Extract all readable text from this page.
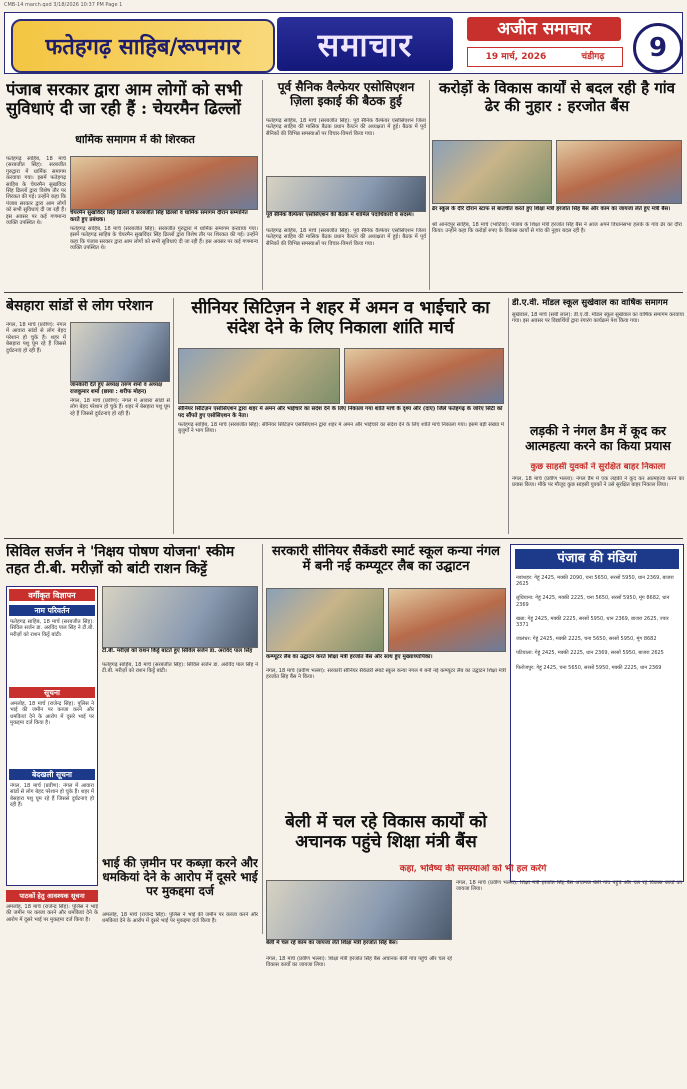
CMB-14 march.qxd 3/18/2026 10:37 PM Page 1
फतेहगढ़ साहिब/रूपनगर समाचार	अजीत समाचार
19 मार्च, 2026	चंडीगढ़	9
पंजाब सरकार द्वारा आम लोगों को सभी सुविधाएं दी जा रही हैं : चेयरमैन ढिल्लों
धार्मिक समागम में की शिरकत
फतेहगढ़ साहिब, 18 मार्च (सरबजीत सिंह): सरबजीत गुरुद्वारा में धार्मिक समागम करवाया गया। इसमें फतेहगढ़ साहिब के चेयरमैन सुखविंदर सिंह ढिल्लों द्वारा विशेष तौर पर शिरकत की गई। उन्होंने कहा कि पंजाब सरकार द्वारा आम लोगों को सभी सुविधाएं दी जा रही हैं। इस अवसर पर कई गणमान्य व्यक्ति उपस्थित थे।
चेयरमैन सुखविंदर सिंह ढिल्लों व सरबजीत सिंह ढिल्लों व धार्मिक समागम दौरान सम्मानित करते हुए प्रबंधक।
फतेहगढ़ साहिब, 18 मार्च (सरबजीत सिंह): सरबजीत गुरुद्वारा में धार्मिक समागम करवाया गया। इसमें फतेहगढ़ साहिब के चेयरमैन सुखविंदर सिंह ढिल्लों द्वारा विशेष तौर पर शिरकत की गई। उन्होंने कहा कि पंजाब सरकार द्वारा आम लोगों को सभी सुविधाएं दी जा रही हैं। इस अवसर पर कई गणमान्य व्यक्ति उपस्थित थे।
पूर्व सैनिक वैल्फेयर एसोसिएशन ज़िला इकाई की बैठक हुई
फतेहगढ़ साहिब, 18 मार्च (सरबजीत सिंह): पूर्व सैनिक वैल्फेयर एसोसिएशन जिला फतेहगढ़ साहिब की मासिक बैठक प्रधान कैप्टन की अध्यक्षता में हुई। बैठक में पूर्व सैनिकों की विभिन्न समस्याओं पर विचार-विमर्श किया गया।
पूर्व सैनिक वैल्फेयर एसोसिएशन की बैठक में शामिल पदाधिकारी व सदस्य।
फतेहगढ़ साहिब, 18 मार्च (सरबजीत सिंह): पूर्व सैनिक वैल्फेयर एसोसिएशन जिला फतेहगढ़ साहिब की मासिक बैठक प्रधान कैप्टन की अध्यक्षता में हुई। बैठक में पूर्व सैनिकों की विभिन्न समस्याओं पर विचार-विमर्श किया गया।
करोड़ों के विकास कार्यों से बदल रही है गांव ढेर की नुहार : हरजोत बैंस
ढेर स्कूल के दौरे दौरान स्टाफ से बातचीत करते हुए शिक्षा मंत्री हरजोत सिंह बैंस और काम का जायजा लेते हुए मंत्री बैंस।
श्री आनंदपुर साहिब, 18 मार्च (भाटिया): पंजाब के शिक्षा मंत्री हरजोत सिंह बैंस ने आज अपने विधानसभा हलके के गांव ढेर का दौरा किया। उन्होंने कहा कि करोड़ों रुपए के विकास कार्यों से गांव की नुहार बदल रही है।
बेसहारा सांडों से लोग परेशान
नंगल, 18 मार्च (प्रवीण): नंगल में आवारा सांडों से लोग बेहद परेशान हो चुके हैं। शहर में बेसहारा पशु घूम रहे हैं जिससे दुर्घटनाएं हो रही हैं।
जानकारी देते हुए अध्यक्ष तरुण शर्मा व अध्यक्ष राजकुमार शर्मा (छाया : शरीफ मोहन)
नंगल, 18 मार्च (प्रवीण): नंगल में आवारा सांडों से लोग बेहद परेशान हो चुके हैं। शहर में बेसहारा पशु घूम रहे हैं जिससे दुर्घटनाएं हो रही हैं।
सीनियर सिटिज़न ने शहर में अमन व भाईचारे का संदेश देने के लिए निकाला शांति मार्च
सीनियर सिटिज़न एसोसिएशन द्वारा शहर में अमन और भाईचारे का संदेश देने के लिए निकाला गया शांति मार्च के दृश्य और (दाएं) जिले फतेहगढ़ के जरिए सिटी को पद सौंपते हुए एसोसिएशन के नेता।
फतेहगढ़ साहिब, 18 मार्च (सरबजीत सिंह): सीनियर सिटिज़न एसोसिएशन द्वारा शहर में अमन और भाईचारे का संदेश देने के लिए शांति मार्च निकाला गया। इसमें बड़ी संख्या में बुजुर्गों ने भाग लिया।
डी.ए.वी. मॉडल स्कूल सुखेवाल का वार्षिक समागम
सुखेवाल, 18 मार्च (सबी लाल): डी.ए.वी. मॉडल स्कूल सुखेवाल का वार्षिक समागम करवाया गया। इस अवसर पर विद्यार्थियों द्वारा रंगारंग कार्यक्रम पेश किया गया।
लड़की ने नंगल डैम में कूद कर आत्महत्या करने का किया प्रयास
कुछ साहसी युवकों ने सुरक्षित बाहर निकाला
नंगल, 18 मार्च (प्रवीण भल्ला): नंगल डैम में एक लड़की ने कूद कर आत्महत्या करने का प्रयास किया। मौके पर मौजूद कुछ साहसी युवकों ने उसे सुरक्षित बाहर निकाल लिया।
सिविल सर्जन ने 'निक्षय पोषण योजना' स्कीम तहत टी.बी. मरीज़ों को बांटी राशन किट्टें
टी.बी. मरीज़ों को राशन किट्टें बांटते हुए सिविल सर्जन डा. अरविंद पाल सिंह
फतेहगढ़ साहिब, 18 मार्च (सरबजीत सिंह): सिविल सर्जन डा. अरविंद पाल सिंह ने टी.बी. मरीज़ों को राशन किट्टें बांटी।
वर्गीकृत विज्ञापन
नाम परिवर्तन
फतेहगढ़ साहिब, 18 मार्च (सरबजीत सिंह): सिविल सर्जन डा. अरविंद पाल सिंह ने टी.बी. मरीज़ों को राशन किट्टें बांटी।
सूचना
अमलोह, 18 मार्च (राजेन्द्र सिंह): पुलिस ने भाई की जमीन पर कब्जा करने और धमकियां देने के आरोप में दूसरे भाई पर मुकद्दमा दर्ज किया है।
बेदखली सूचना
नंगल, 18 मार्च (प्रवीण): नंगल में आवारा सांडों से लोग बेहद परेशान हो चुके हैं। शहर में बेसहारा पशु घूम रहे हैं जिससे दुर्घटनाएं हो रही हैं।
पाठकों हेतु आवश्यक सूचना
अमलोह, 18 मार्च (राजेन्द्र सिंह): पुलिस ने भाई की जमीन पर कब्जा करने और धमकियां देने के आरोप में दूसरे भाई पर मुकद्दमा दर्ज किया है।
सरकारी सीनियर सैकेंडरी स्मार्ट स्कूल कन्या नंगल में बनी नई कम्प्यूटर लैब का उद्घाटन
कम्प्यूटर लैब का उद्घाटन करते शिक्षा मंत्री हरजोत बैंस और साथ हुए मुख्याध्यापिका।
नंगल, 18 मार्च (प्रवीण भल्ला): सरकारी सीनियर सैकेंडरी स्मार्ट स्कूल कन्या नंगल में बनी नई कम्प्यूटर लैब का उद्घाटन शिक्षा मंत्री हरजोत सिंह बैंस ने किया।
पंजाब की मंडियां
नवांशहर: गेहूं 2425, मक्की 2090, चना 5650, सरसों 5950, धान 2369, बाजरा 2625
लुधियाना: गेहूं 2425, मक्की 2225, चना 5650, सरसों 5950, मूंग 8682, धान 2369
खन्ना: गेहूं 2425, मक्की 2225, सरसों 5950, धान 2369, बाजरा 2625, ज्वार 3371
जालंधर: गेहूं 2425, मक्की 2225, चना 5650, सरसों 5950, मूंग 8682
पटियाला: गेहूं 2425, मक्की 2225, धान 2369, सरसों 5950, बाजरा 2625
फिरोजपुर: गेहूं 2425, चना 5650, सरसों 5950, मक्की 2225, धान 2369
बेली में चल रहे विकास कार्यों को अचानक पहुंचे शिक्षा मंत्री बैंस
कहा, भविष्य की समस्याओं को भी हल करेंगे
बेली में चल रहे काम का जायजा लेते शिक्षा मंत्री हरजोत सिंह बैंस।
नंगल, 18 मार्च (प्रवीण भल्ला): शिक्षा मंत्री हरजोत सिंह बैंस अचानक बेली गांव पहुंचे और चल रहे विकास कार्यों का जायजा लिया।
नंगल, 18 मार्च (प्रवीण भल्ला): शिक्षा मंत्री हरजोत सिंह बैंस अचानक बेली गांव पहुंचे और चल रहे विकास कार्यों का जायजा लिया।
भाई की ज़मीन पर कब्ज़ा करने और धमकियां देने के आरोप में दूसरे भाई पर मुकद्दमा दर्ज
अमलोह, 18 मार्च (राजेन्द्र सिंह): पुलिस ने भाई की जमीन पर कब्जा करने और धमकियां देने के आरोप में दूसरे भाई पर मुकद्दमा दर्ज किया है।
